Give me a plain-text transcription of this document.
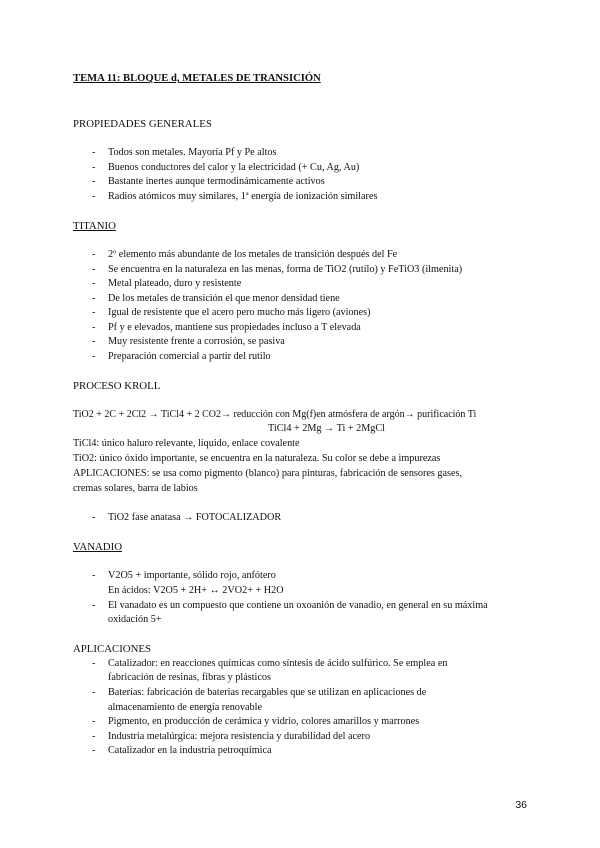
TEMA 11: BLOQUE d, METALES DE TRANSICIÓN
PROPIEDADES GENERALES
- Todos son metales. Mayoría Pf y Pe altos
- Buenos conductores del calor y la electricidad (+ Cu, Ag, Au)
- Bastante inertes aunque termodinámicamente activos
- Radios atómicos muy similares, 1ª energía de ionización similares
TITANIO
- 2º elemento más abundante de los metales de transición después del Fe
- Se encuentra en la naturaleza en las menas, forma de TiO2 (rutilo) y FeTiO3 (ilmenita)
- Metal plateado, duro y resistente
- De los metales de transición el que menor densidad tiene
- Igual de resistente que el acero pero mucho más ligero (aviones)
- Pf y e elevados, mantiene sus propiedades incluso a T elevada
- Muy resistente frente a corrosión, se pasiva
- Preparación comercial a partir del rutilo
PROCESO KROLL
TiO2 + 2C + 2Cl2 → TiCl4 + 2 CO2→ reducción con Mg(f)en atmósfera de argón→ purificación Ti
TiCl4 + 2Mg → Ti + 2MgCl
TiCl4: único haluro relevante, líquido, enlace covalente
TiO2: único óxido importante, se encuentra en la naturaleza. Su color se debe a impurezas
APLICACIONES: se usa como pigmento (blanco) para pinturas, fabricación de sensores gases,
cremas solares, barra de labios
- TiO2 fase anatasa → FOTOCALIZADOR
VANADIO
- V2O5 + importante, sólido rojo, anfótero
En ácidos: V2O5 + 2H+ ↔ 2VO2+ + H2O
- El vanadato es un compuesto que contiene un oxoanión de vanadio, en general en su máxima
oxidación 5+
APLICACIONES
- Catalizador: en reacciones químicas como síntesis de ácido sulfúrico. Se emplea en
fabricación de resinas, fibras y plásticos
- Baterías: fabricación de baterías recargables que se utilizan en aplicaciones de
almacenamiento de energía renovable
- Pigmento, en producción de cerámica y vidrio, colores amarillos y marrones
- Industria metalúrgica: mejora resistencia y durabilidad del acero
- Catalizador en la industria petroquímica
36
